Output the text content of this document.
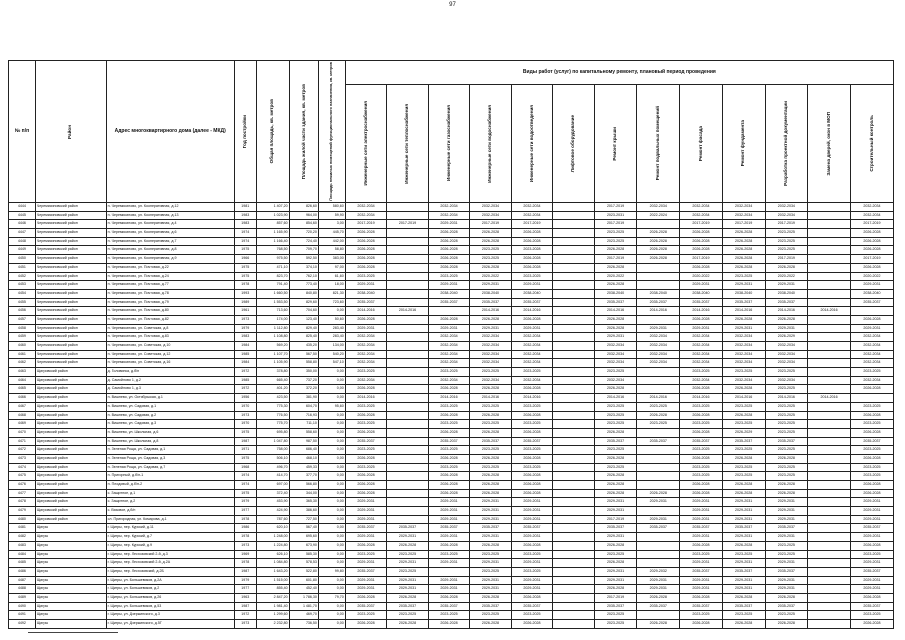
97
№ п/п	Район	Адрес многоквартирного дома (далее - МКД)	Год постройки	Общая площадь, кв. метров	Площадь жилой части здания, кв. метров	Площадь нежилых помещений функционального назначения, кв. метров	Виды работ (услуг) по капитальному ремонту, плановый период проведения												

							Инженерные сети электроснабжения	Инженерные сети теплоснабжения	Инженерные сети газоснабжения	Инженерные сети водоснабжения	Инженерные сети водоотведения	Лифтовое оборудование	Ремонт крыши	Ремонт подвальных помещений	Ремонт фасада	Ремонт фундамента	Разработка проектной документации	Замена дверей, окон в МОП	Строительный контроль

4444	Черемисиновский район	п. Черемисиново, ул. Кооперативная, д.12	1981	1 407,20	826,60	580,60	2032-2034		2032-2034	2032-2034	2032-2034		2017-2019	2032-2034	2032-2034	2032-2034	2032-2034		2032-2034
4445	Черемисиновский район	п. Черемисиново, ул. Кооперативная, д.13	1983	1 023,90	964,00	59,90	2032-2034		2032-2034	2032-2034	2032-2034		2023-2031	2022-2024	2032-2034	2032-2034	2032-2034		2032-2034
4446	Черемисиновский район	п. Черемисиново, ул. Кооперативная, д.4	1983	857,60	854,60	3,00	2017-2019	2017-2019	2029-2031	2017-2019	2017-2019		2017-2019		2017-2019	2017-2019	2017-2019		2017-2019
4447	Черемисиновский район	п. Черемисиново, ул. Кооперативная, д.6	1974	1 165,90	720,20	445,70	2026-2028		2026-2028	2026-2028	2026-2028		2023-2025	2026-2028	2026-2028	2026-2028	2023-2025		2026-2028
4448	Черемисиновский район	п. Черемисиново, ул. Кооперативная, д.7	1974	1 166,40	724,40	442,00	2026-2028		2026-2028	2026-2028	2026-2028		2023-2025	2026-2028	2026-2028	2026-2028	2023-2025		2026-2028
4449	Черемисиновский район	п. Черемисиново, ул. Кооперативная, д.8	1975	768,50	709,70	58,80	2026-2028		2026-2028	2023-2025	2023-2028		2026-2028	2026-2028	2026-2028	2026-2028	2023-2025		2026-2028
4450	Черемисиновский район	п. Черемисиново, ул. Кооперативная, д.9	1966	975,50	592,50	383,00	2026-2028		2026-2028	2023-2025	2026-2028		2017-2019	2026-2028	2017-2019	2026-2028	2017-2019		2017-2019
4451	Черемисиновский район	п. Черемисиново, ул. Почтовая, д.22	1975	471,10	374,10	97,00	2026-2028		2026-2028	2026-2028	2026-2028		2026-2028		2026-2028	2026-2028	2026-2028		2026-2028
4452	Черемисиновский район	п. Черемисиново, ул. Почтовая, д.24	1975	823,70	762,10	61,60	2023-2025		2023-2025	2020-2022	2023-2025		2020-2022		2020-2022	2023-2025	2020-2022		2020-2022
4453	Черемисиновский район	п. Черемисиново, ул. Почтовая, д.77	1978	791,40	773,40	18,00	2029-2031		2029-2031	2029-2031	2029-2031		2026-2028		2029-2031	2029-2031	2029-2031		2029-2031
4454	Черемисиновский район	п. Черемисиново, ул. Почтовая, д.78	1993	1 660,50	840,80	821,30	2038-2040		2038-2040	2038-2040	2038-2040		2038-2040	2038-2040	2038-2040	2038-2040	2038-2040		2038-2040
4455	Черемисиновский район	п. Черемисиново, ул. Почтовая, д.79	1989	1 553,50	829,60	723,60	2035-2037		2035-2037	2035-2037	2035-2037		2035-2037	2035-2037	2035-2037	2035-2037	2035-2037		2035-2037
4456	Черемисиновский район	п. Черемисиново, ул. Почтовая, д.80	1961	713,60	704,60	0,00	2014-2016	2014-2016		2014-2016	2014-2016		2014-2016	2014-2016	2014-2016	2014-2016	2014-2016	2014-2016	
4457	Черемисиновский район	п. Черемисиново, ул. Почтовая, д.82	1973	174,00	123,40	50,60	2026-2028		2026-2028	2026-2028	2026-2028		2026-2028		2026-2028	2026-2028	2026-2028		2026-2028
4458	Черемисиновский район	п. Черемисиново, ул. Советская, д.8	1979	1 112,80	829,40	283,40	2029-2031		2029-2031	2029-2031	2029-2031		2026-2028	2029-2031	2029-2031	2029-2031	2029-2031		2029-2031
4459	Черемисиновский район	п. Черемисиново, ул. Почтовая, д.83	1983	1 108,80	825,40	283,40	2032-2034		2032-2034	2032-2034	2032-2034		2029-2031	2032-2034	2032-2034	2032-2034	2026-2029		2032-2034
4460	Черемисиновский район	п. Черемисиново, ул. Советская, д.10	1984	569,20	435,20	134,00	2032-2034		2032-2034	2032-2034	2032-2034		2032-2034	2032-2034	2032-2034	2032-2034	2032-2034		2032-2034
4461	Черемисиновский район	п. Черемисиново, ул. Советская, д.12	1985	1 107,70	567,50	540,20	2032-2034		2032-2034	2032-2034	2032-2034		2032-2034	2032-2034	2032-2034	2032-2034	2032-2034		2032-2034
4462	Черемисиновский район	п. Черемисиново, ул. Советская, д.16	1984	1 105,90	558,80	547,10	2032-2034		2032-2034	2032-2034	2032-2034		2032-2034	2032-2034	2032-2034	2032-2034	2032-2034		2032-2034
4463	Щигровский район	д. Головинка, д.б/н	1972	378,80	350,00	0,00	2023-2025		2023-2025	2023-2025	2023-2025		2023-2025		2023-2025	2023-2025	2023-2025		2023-2025
4464	Щигровский район	д. Самойлово 1, д.2	1985	665,40	737,20	0,00	2032-2034		2032-2034	2032-2034	2032-2034		2032-2034		2032-2034	2032-2034	2032-2034		2032-2034
4465	Щигровский район	д. Самойлово 1, д.3	1972	401,20	372,20	0,00	2026-2028		2026-2028	2026-2028	2026-2028		2026-2028		2026-2028	2026-2028	2023-2025		2026-2028
4466	Щигровский район	п. Вишнево, ул. Октябрьская, д.1	1956	423,50	381,90	0,00	2014-2016		2014-2016	2014-2016	2014-2016		2014-2016	2014-2016	2014-2016	2014-2016	2014-2016	2014-2016	
4467	Щигровский район	п. Вишнево, ул. Садовая, д.1	1970	775,30	604,70	95,60	2023-2025		2023-2025	2023-2025	2023-2025		2023-2025	2023-2025	2023-2025	2023-2025	2023-2025		2023-2025
4468	Щигровский район	п. Вишнево, ул. Садовая, д.2	1973	776,50	716,93	0,00	2026-2028		2026-2028	2026-2028	2026-2028		2023-2025	2026-2028	2026-2028	2026-2028	2023-2025		2026-2028
4469	Щигровский район	п. Вишнево, ул. Садовая, д.3	1970	775,70	711,10	0,00	2023-2025		2023-2025	2023-2025	2023-2025		2023-2025	2023-2025	2023-2025	2023-2025	2023-2025		2023-2025
4470	Щигровский район	п. Вишнево, ул. Школьная, д.6	1975	695,80	558,60	0,00	2026-2028		2026-2028	2026-2028	2026-2028		2026-2028		2026-2028	2026-2029	2023-2025		2026-2028
4471	Щигровский район	п. Вишнево, ул. Школьная, д.8	1987	1 047,80	987,50	0,00	2035-2037		2035-2037	2035-2037	2035-2037		2035-2037	2035-2037	2035-2037	2035-2037	2035-2037		2035-2037
4472	Щигровский район	п. Зеленая Роща, ул. Садовая, д.1	1971	758,00	686,40	0,00	2023-2025		2023-2025	2023-2025	2023-2025		2023-2025		2023-2025	2023-2025	2023-2025		2023-2025
4473	Щигровский район	п. Зеленая Роща, ул. Садовая, д.3	1975	506,10	468,10	0,00	2026-2028		2026-2028	2026-2028	2026-2028		2026-2028		2026-2028	2026-2028	2026-2028		2026-2028
4474	Щигровский район	п. Зеленая Роща, ул. Садовая, д.7	1968	496,70	459,33	0,00	2023-2025		2023-2025	2023-2025	2023-2025		2023-2025		2023-2025	2023-2025	2023-2025		2023-2025
4475	Щигровский район	п. Пригорный, д.б/н-1	1974	414,70	377,70	0,00	2026-2028		2026-2028	2026-2028	2026-2028		2026-2028		2023-2025	2023-2025	2023-2025		2023-2025
4476	Щигровский район	п. Плодовый, д.б/н-2	1974	697,00	566,80	0,00	2026-2028		2026-2028	2026-2028	2026-2028		2026-2028		2026-2028	2026-2028	2026-2028		2026-2028
4477	Щигровский район	с. Защитное, д.1	1975	372,40	344,00	0,00	2026-2028		2026-2028	2026-2028	2026-2028		2026-2028	2026-2028	2026-2028	2026-2028	2026-2028		2026-2028
4478	Щигровский район	с. Защитное, д.2	1979	453,90	365,30	0,00	2029-2031		2029-2031	2029-2031	2029-2031		2029-2031	2029-2031	2029-2031	2029-2031	2029-2031		2029-2031
4479	Щигровский район	с. Вязовое, д.б/н	1977	424,90	386,60	0,00	2029-2031		2029-2031	2029-2031	2029-2031		2029-2031		2029-2031	2029-2031	2029-2031		2029-2031
4480	Щигровский район	сл. Пригородная, ул. Комарова, д.1	1978	787,60	727,50	0,00	2029-2031		2029-2031	2029-2031	2029-2031		2017-2019	2029-2031	2029-2031	2029-2031	2029-2031		2029-2031
4481	Щигры	г. Щигры, пер. Курский, д.11	1986	620,10	567,40	0,00	2035-2037	2035-2037	2035-2037	2035-2037	2035-2037		2035-2037	2035-2037	2035-2037	2035-2037	2035-2037		2035-2037
4482	Щигры	г. Щигры, пер. Курский, д.7	1978	1 248,00	695,60	0,00	2029-2031	2029-2031	2029-2031	2029-2031	2029-2031		2029-2031		2029-2031	2029-2031	2029-2031		2029-2031
4483	Щигры	г. Щигры, пер. Курский, д.9	1973	1 224,80	673,90	0,00	2026-2028	2026-2028	2026-2028	2026-2028	2026-2028		2026-2028		2026-2028	2026-2028	2023-2025		2026-2028
4484	Щигры	г. Щигры, пер. Лесхозовский 2-й, д.3	1969	626,10	585,30	0,00	2023-2025	2023-2025	2023-2025	2023-2025	2023-2025		2023-2025		2023-2025	2023-2025	2023-2025		2023-2025
4485	Щигры	г. Щигры, пер. Лесхозовский 2-й, д.2А	1978	1 084,80	578,53	0,00	2029-2031	2029-2031	2029-2031	2029-2031	2029-2031		2026-2028		2029-2031	2029-2031	2029-2031		2029-2031
4486	Щигры	г. Щигры, пер. Лесхозовский, д.2Б	1987	1 643,20	522,80	99,80	2035-2037	2023-2025		2023-2025	2023-2025		2029-2031	2029-2032	2035-2037	2035-2037	2035-2037		2035-2037
4487	Щигры	г. Щигры, ул. Большевиков, д.2А	1979	1 515,00	601,80	0,00	2029-2031	2029-2031	2029-2031	2029-2031	2029-2031		2029-2031	2029-2031	2029-2031	2029-2031	2029-2031		2029-2031
4488	Щигры	г. Щигры, ул. Большевиков, д.2	1977	855,40	452,40	0,00	2029-2031	2029-2031	2029-2031	2029-2031	2029-2031		2026-2028	2029-2031	2029-2031	2029-2031	2029-2031		2029-2031
4489	Щигры	г. Щигры, ул. Большевиков, д.26	1963	2 847,20	1 786,30	79,70	2026-2028	2026-2028	2026-2028	2026-2028	2026-2028		2017-2019	2026-2028	2026-2028	2026-2028	2026-2028		2026-2028
4490	Щигры	г. Щигры, ул. Большевиков, д.53	1987	1 981,40	1 481,70	0,00	2035-2037	2035-2037	2035-2037	2035-2037	2035-2037		2035-2037	2035-2037	2035-2037	2035-2037	2035-2037		2035-2037
4491	Щигры	г. Щигры, ул. Дзержинского, д.3	1972	1 299,60	469,70	0,00	2023-2025	2023-2025	2023-2025	2023-2025	2023-2025		2023-2025		2023-2025	2023-2025	2023-2025		2023-2025
4492	Щигры	г. Щигры, ул. Дзержинского, д.5Г	1973	2 232,80	736,50	0,00	2026-2028	2026-2028	2026-2028	2026-2028	2026-2028		2023-2025	2026-2028	2026-2028	2026-2028	2026-2028		2026-2028
